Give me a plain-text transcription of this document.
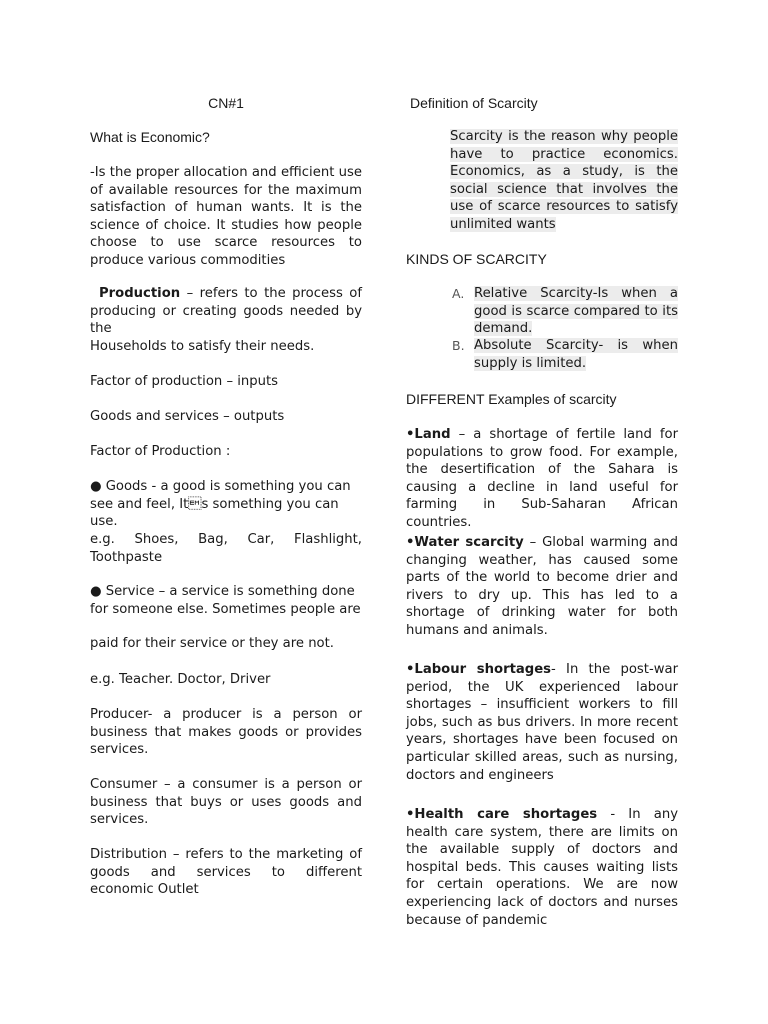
CN#1

What is Economic?

-Is the proper allocation and efficient use of available resources for the maximum satisfaction of human wants. It is the science of choice. It studies how people choose to use scarce resources to produce various commodities

Production – refers to the process of producing or creating goods needed by the

Households to satisfy their needs.

Factor of production – inputs

Goods and services – outputs

Factor of Production :

● Goods - a good is something you can see and feel, Its something you can use.

e.g. Shoes, Bag, Car, Flashlight, Toothpaste

● Service – a service is something done for someone else. Sometimes people are

paid for their service or they are not.

e.g. Teacher. Doctor, Driver

Producer- a producer is a person or business that makes goods or provides services.

Consumer – a consumer is a person or business that buys or uses goods and services.

Distribution – refers to the marketing of goods and services to different economic Outlet

Definition of Scarcity

Scarcity is the reason why people have to practice economics. Economics, as a study, is the social science that involves the use of scarce resources to satisfy unlimited wants

KINDS OF SCARCITY

A. Relative Scarcity-Is when a good is scarce compared to its demand.
B. Absolute Scarcity- is when supply is limited.

DIFFERENT Examples of scarcity

•Land – a shortage of fertile land for populations to grow food. For example, the desertification of the Sahara is causing a decline in land useful for farming in Sub-Saharan African countries.

•Water scarcity – Global warming and changing weather, has caused some parts of the world to become drier and rivers to dry up. This has led to a shortage of drinking water for both humans and animals.

•Labour shortages- In the post-war period, the UK experienced labour shortages – insufficient workers to fill jobs, such as bus drivers. In more recent years, shortages have been focused on particular skilled areas, such as nursing, doctors and engineers

•Health care shortages - In any health care system, there are limits on the available supply of doctors and hospital beds. This causes waiting lists for certain operations. We are now experiencing lack of doctors and nurses because of pandemic
